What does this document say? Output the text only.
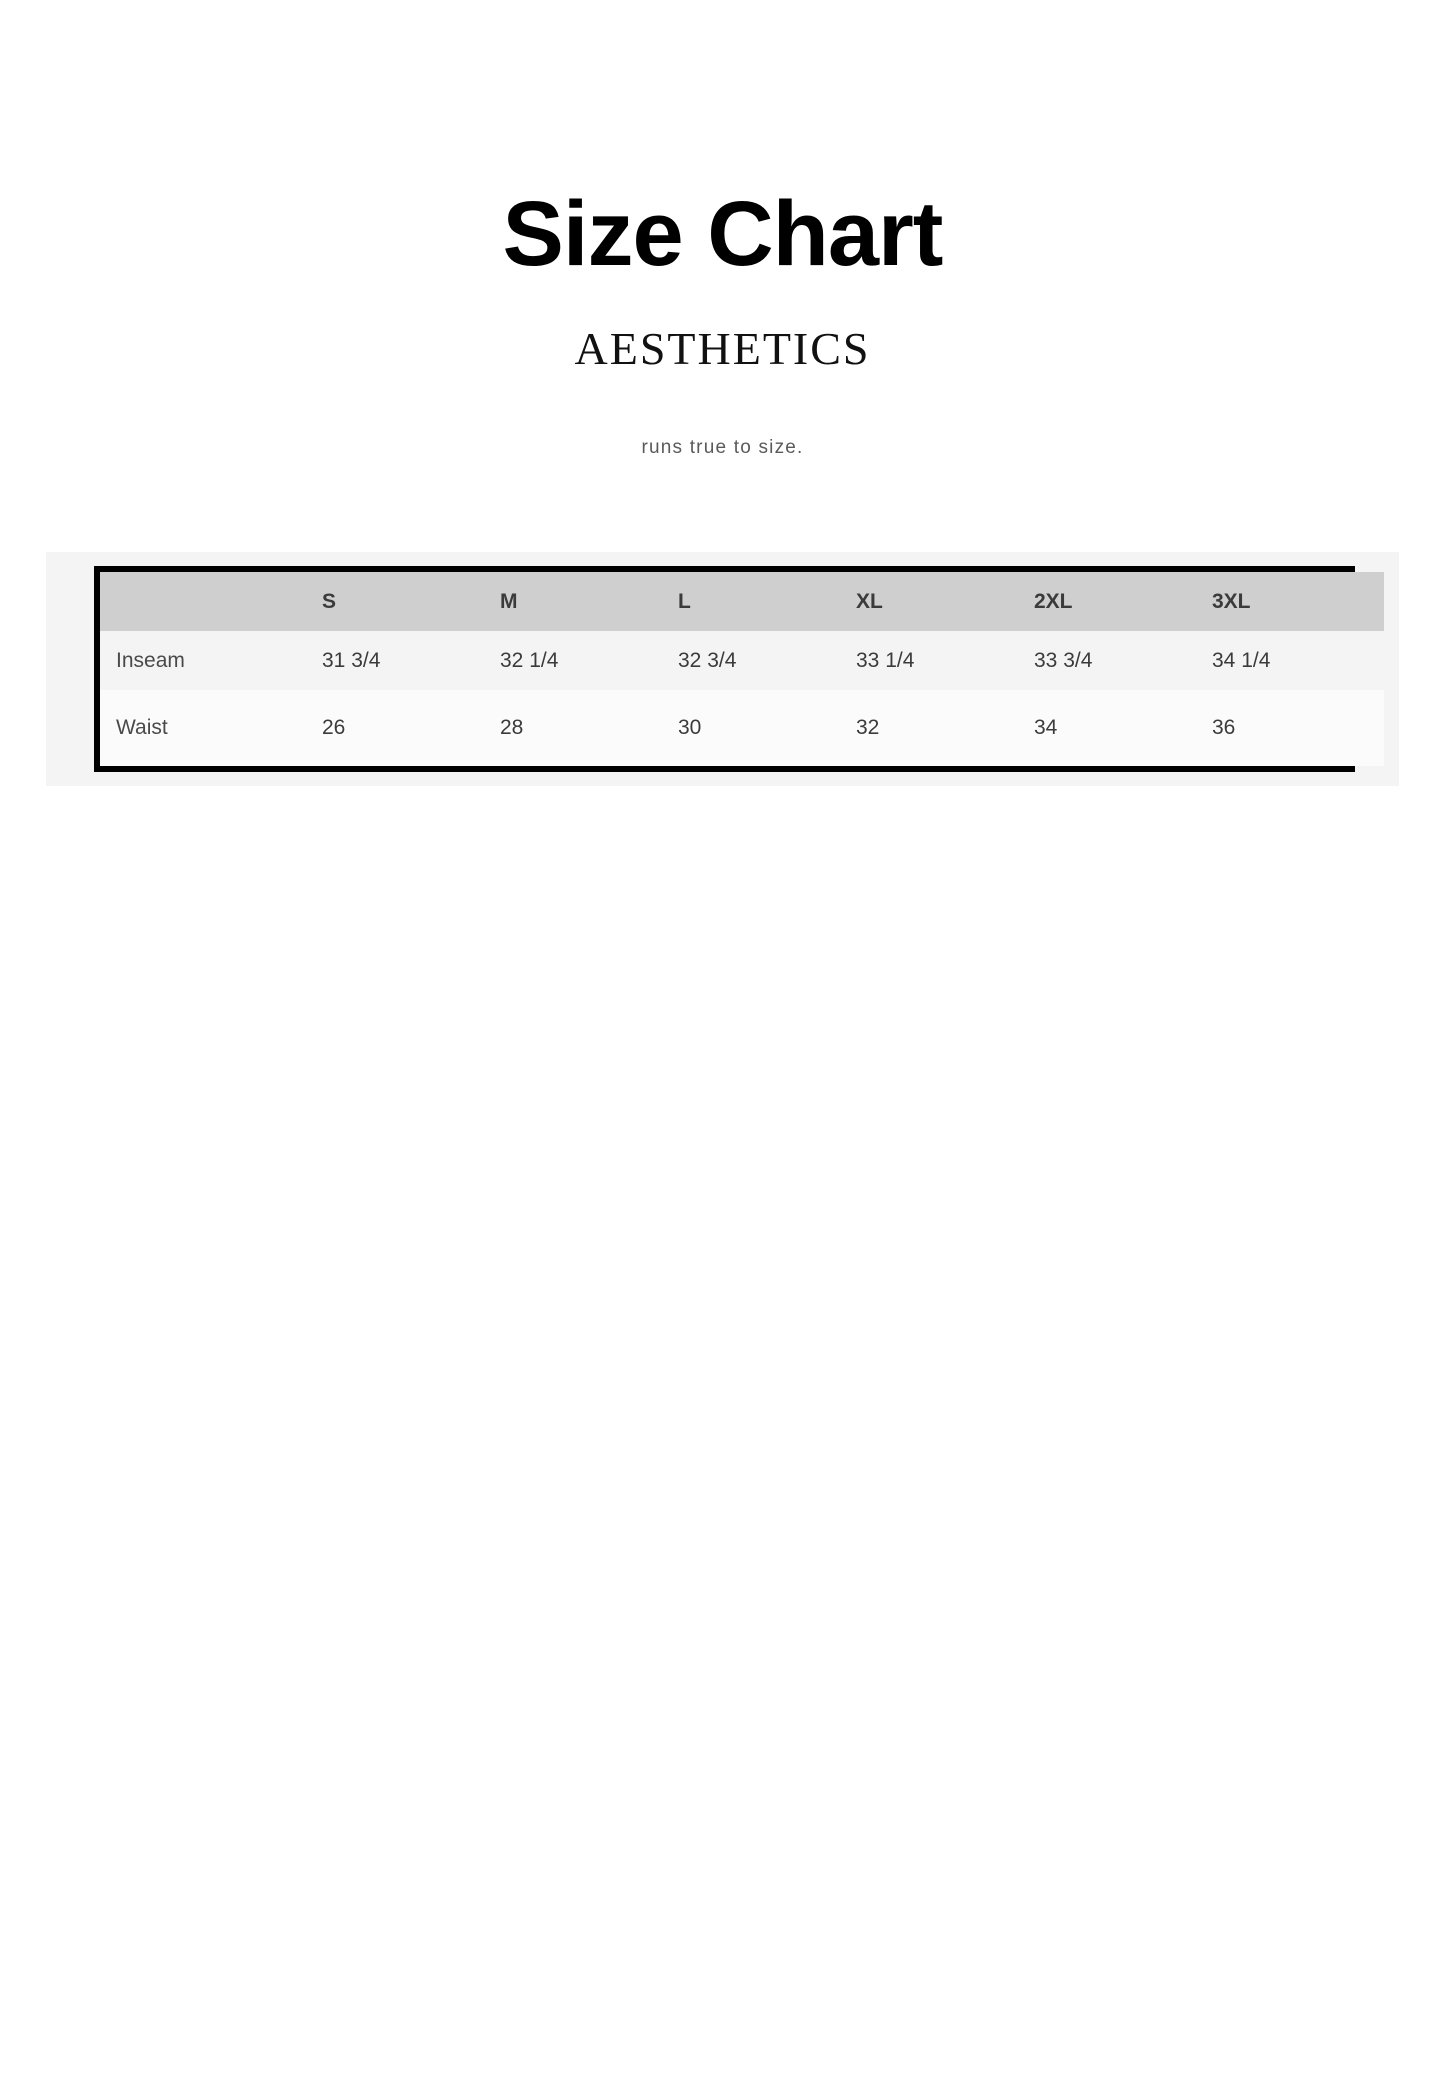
Size Chart
AESTHETICS
runs true to size.
	S	M	L	XL	2XL	3XL
Inseam	31 3/4	32 1/4	32 3/4	33 1/4	33 3/4	34 1/4
Waist	26	28	30	32	34	36
